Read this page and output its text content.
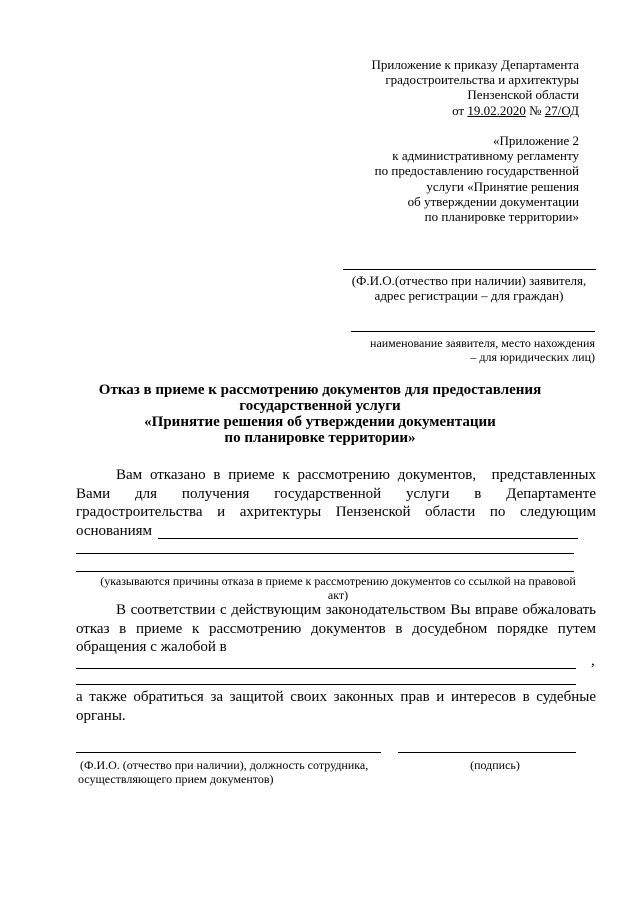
Приложение к приказу Департамента
градостроительства и архитектуры
Пензенской области
от 19.02.2020 № 27/ОД
«Приложение 2
к административному регламенту
по предоставлению государственной
услуги «Принятие решения
об утверждении документации
по планировке территории»
(Ф.И.О.(отчество при наличии) заявителя,
адрес регистрации – для граждан)
наименование заявителя, место нахождения
– для юридических лиц)
Отказ в приеме к рассмотрению документов для предоставления
государственной услуги
«Принятие решения об утверждении документации
по планировке территории»
Вам отказано в приеме к рассмотрению документов,  представленных
Вами    для    получения    государственной    услуги    в    Департаменте
градостроительства  и  ахритектуры  Пензенской  области  по  следующим
основаниям
(указываются причины отказа в приеме к рассмотрению документов со ссылкой на правовой
акт)
В соответствии с действующим законодательством Вы вправе обжаловать
отказ  в  приеме  к  рассмотрению  документов  в  досудебном  порядке  путем
обращения с жалобой в
,
а также обратиться за защитой своих законных прав и интересов в судебные
органы.
(Ф.И.О. (отчество при наличии), должность сотрудника,
осуществляющего прием документов)
(подпись)
